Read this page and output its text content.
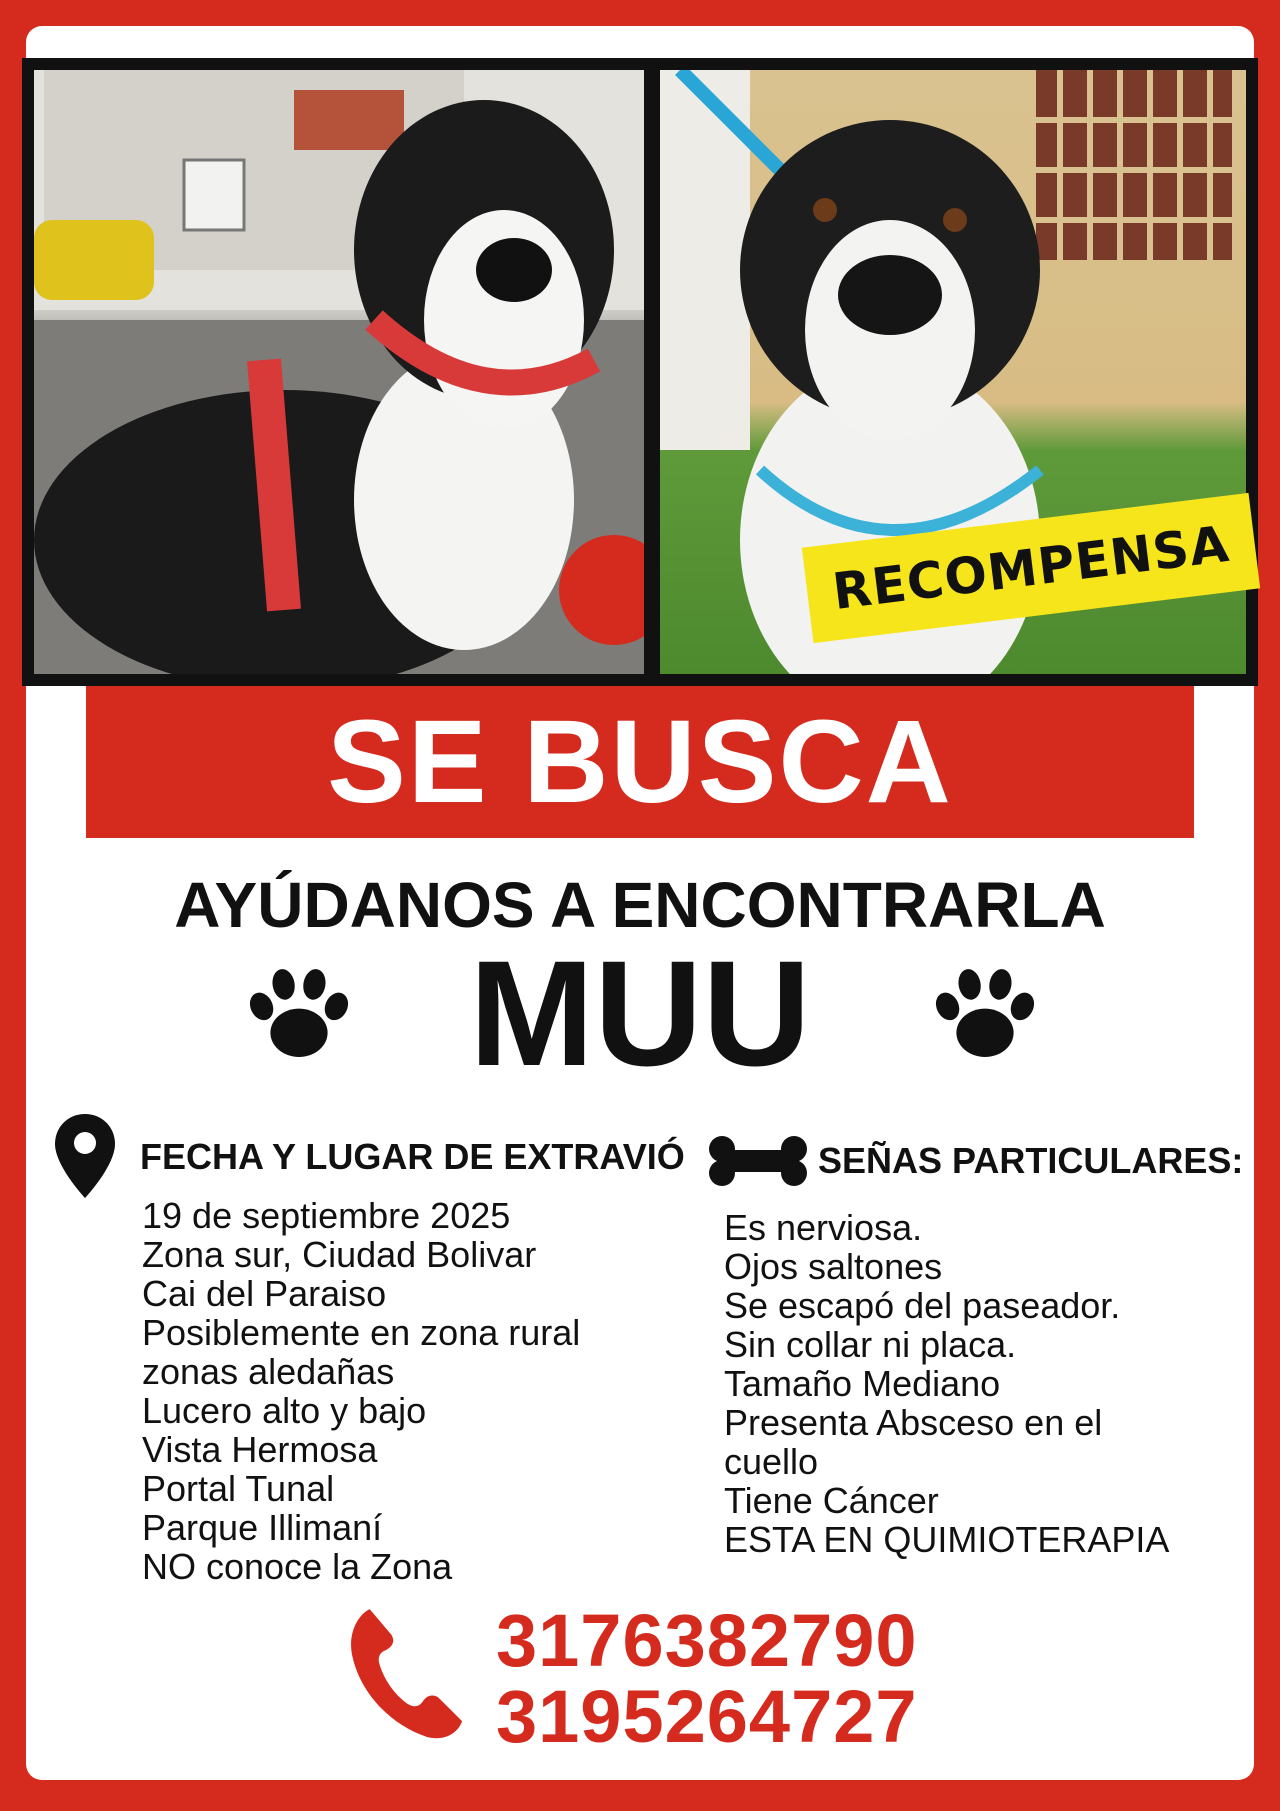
RECOMPENSA
SE BUSCA
AYÚDANOS A ENCONTRARLA
MUU
FECHA Y LUGAR DE EXTRAVIÓ
19 de septiembre 2025
Zona sur, Ciudad Bolivar
Cai del Paraiso
Posiblemente en zona rural
zonas aledañas
Lucero alto y bajo
Vista Hermosa
Portal Tunal
Parque Illimaní
NO conoce la Zona
SEÑAS PARTICULARES:
Es nerviosa.
Ojos saltones
Se escapó del paseador.
Sin collar ni placa.
Tamaño Mediano
Presenta Absceso en el
cuello
Tiene Cáncer
ESTA EN QUIMIOTERAPIA
3176382790
3195264727
